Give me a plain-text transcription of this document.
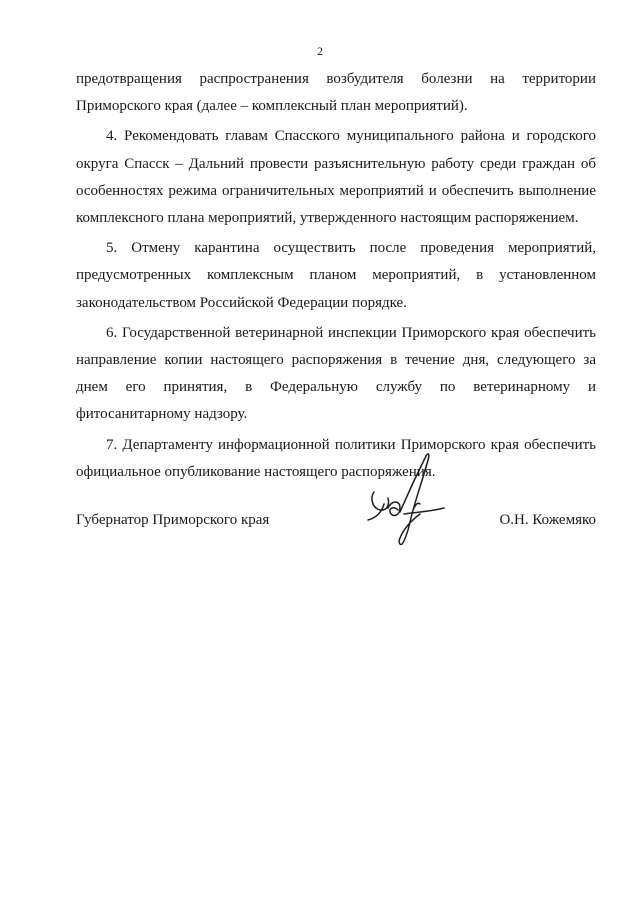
2

предотвращения распространения возбудителя болезни на территории Приморского края (далее – комплексный план мероприятий).

4. Рекомендовать главам Спасского муниципального района и городского округа Спасск – Дальний провести разъяснительную работу среди граждан об особенностях режима ограничительных мероприятий и обеспечить выполнение комплексного плана мероприятий, утвержденного настоящим распоряжением.

5. Отмену карантина осуществить после проведения мероприятий, предусмотренных комплексным планом мероприятий, в установленном законодательством Российской Федерации порядке.

6. Государственной ветеринарной инспекции Приморского края обеспечить направление копии настоящего распоряжения в течение дня, следующего за днем его принятия, в Федеральную службу по ветеринарному и фитосанитарному надзору.

7. Департаменту информационной политики Приморского края обеспечить официальное опубликование настоящего распоряжения.

Губернатор Приморского края	О.Н. Кожемяко
